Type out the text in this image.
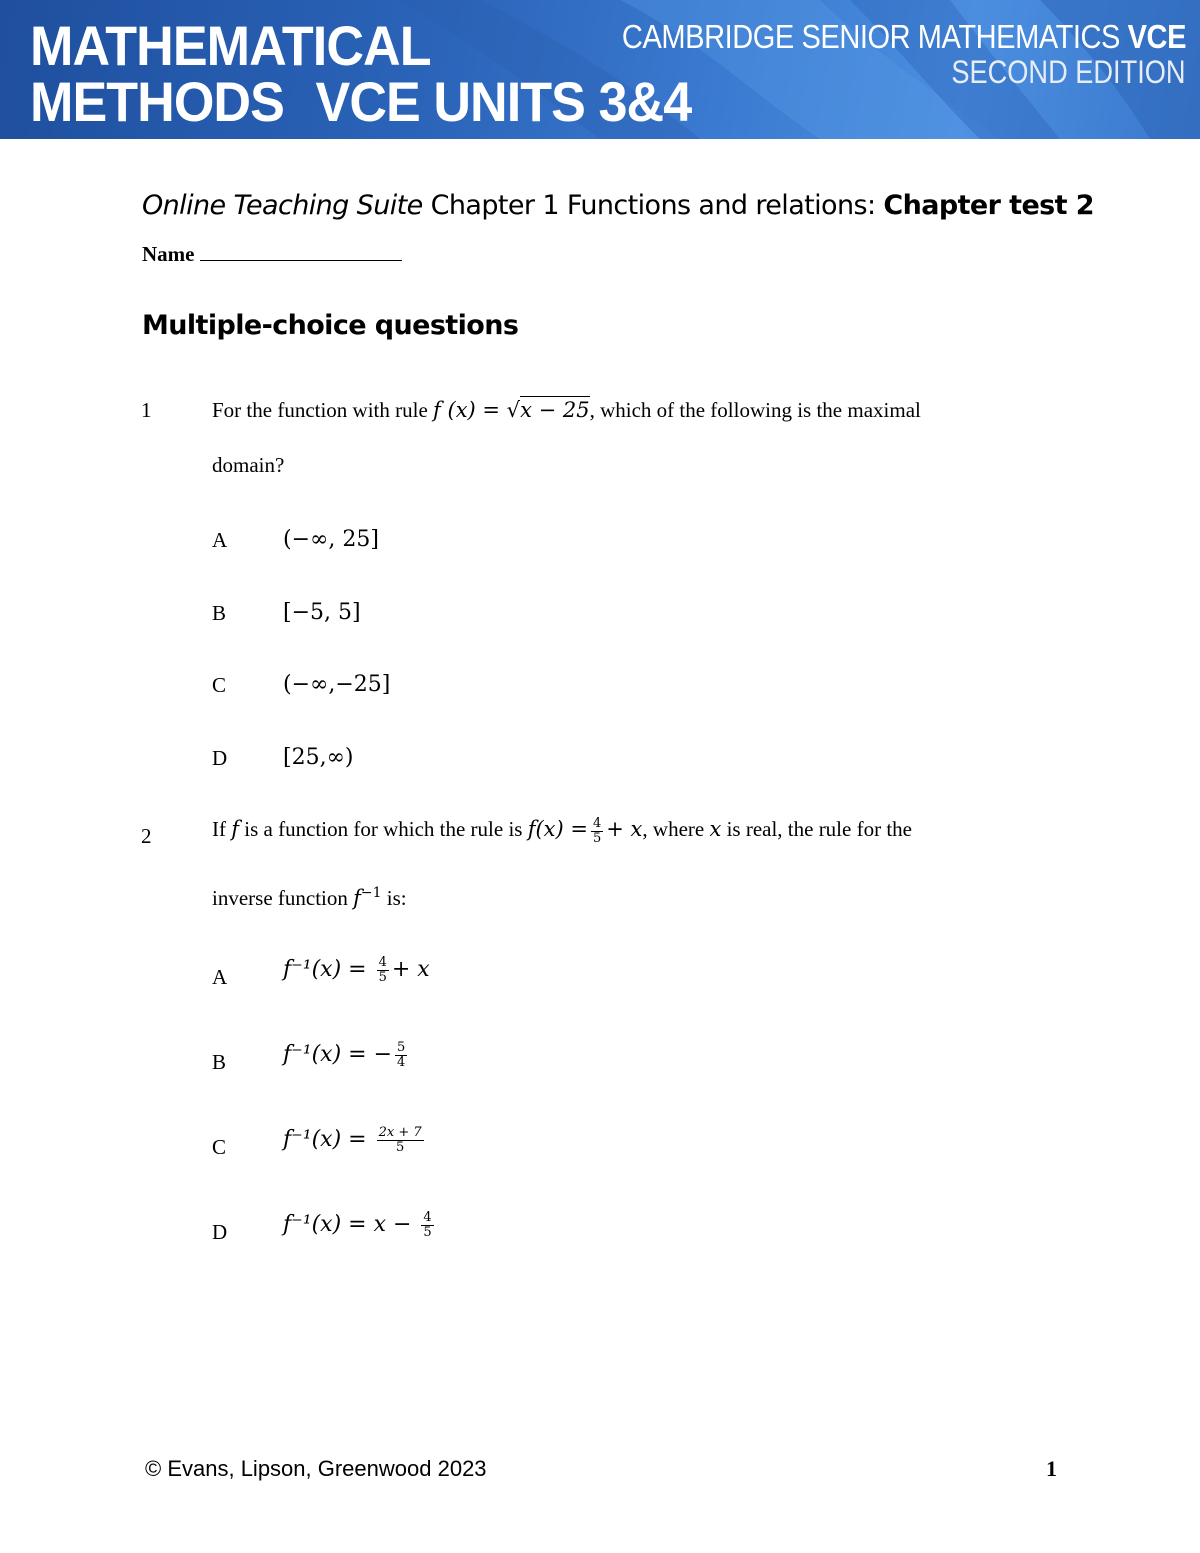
MATHEMATICAL
METHODS VCE UNITS 3&4
CAMBRIDGE SENIOR MATHEMATICS VCE
SECOND EDITION
Online Teaching Suite Chapter 1 Functions and relations: Chapter test 2
Name
Multiple-choice questions
1	For the function with rule f (x) = √x − 25, which of the following is the maximal
domain?
A	(−∞, 25]
B	[−5, 5]
C	(−∞,−25]
D	[25,∞)
2	If f is a function for which the rule is $f(x) = \frac{4}{5} + x$, where x is real, the rule for the
inverse function $f^{-1}$ is:
A	$f^{-1}(x) = \frac{4}{5} + x$
B	f⁻¹(x) = − $\frac{5}{4}$
C	$f^{-1}(x) = \frac{2x + 7}{5}$
D	$f^{-1}(x) = x - \frac{4}{5}$
© Evans, Lipson, Greenwood 2023	1
